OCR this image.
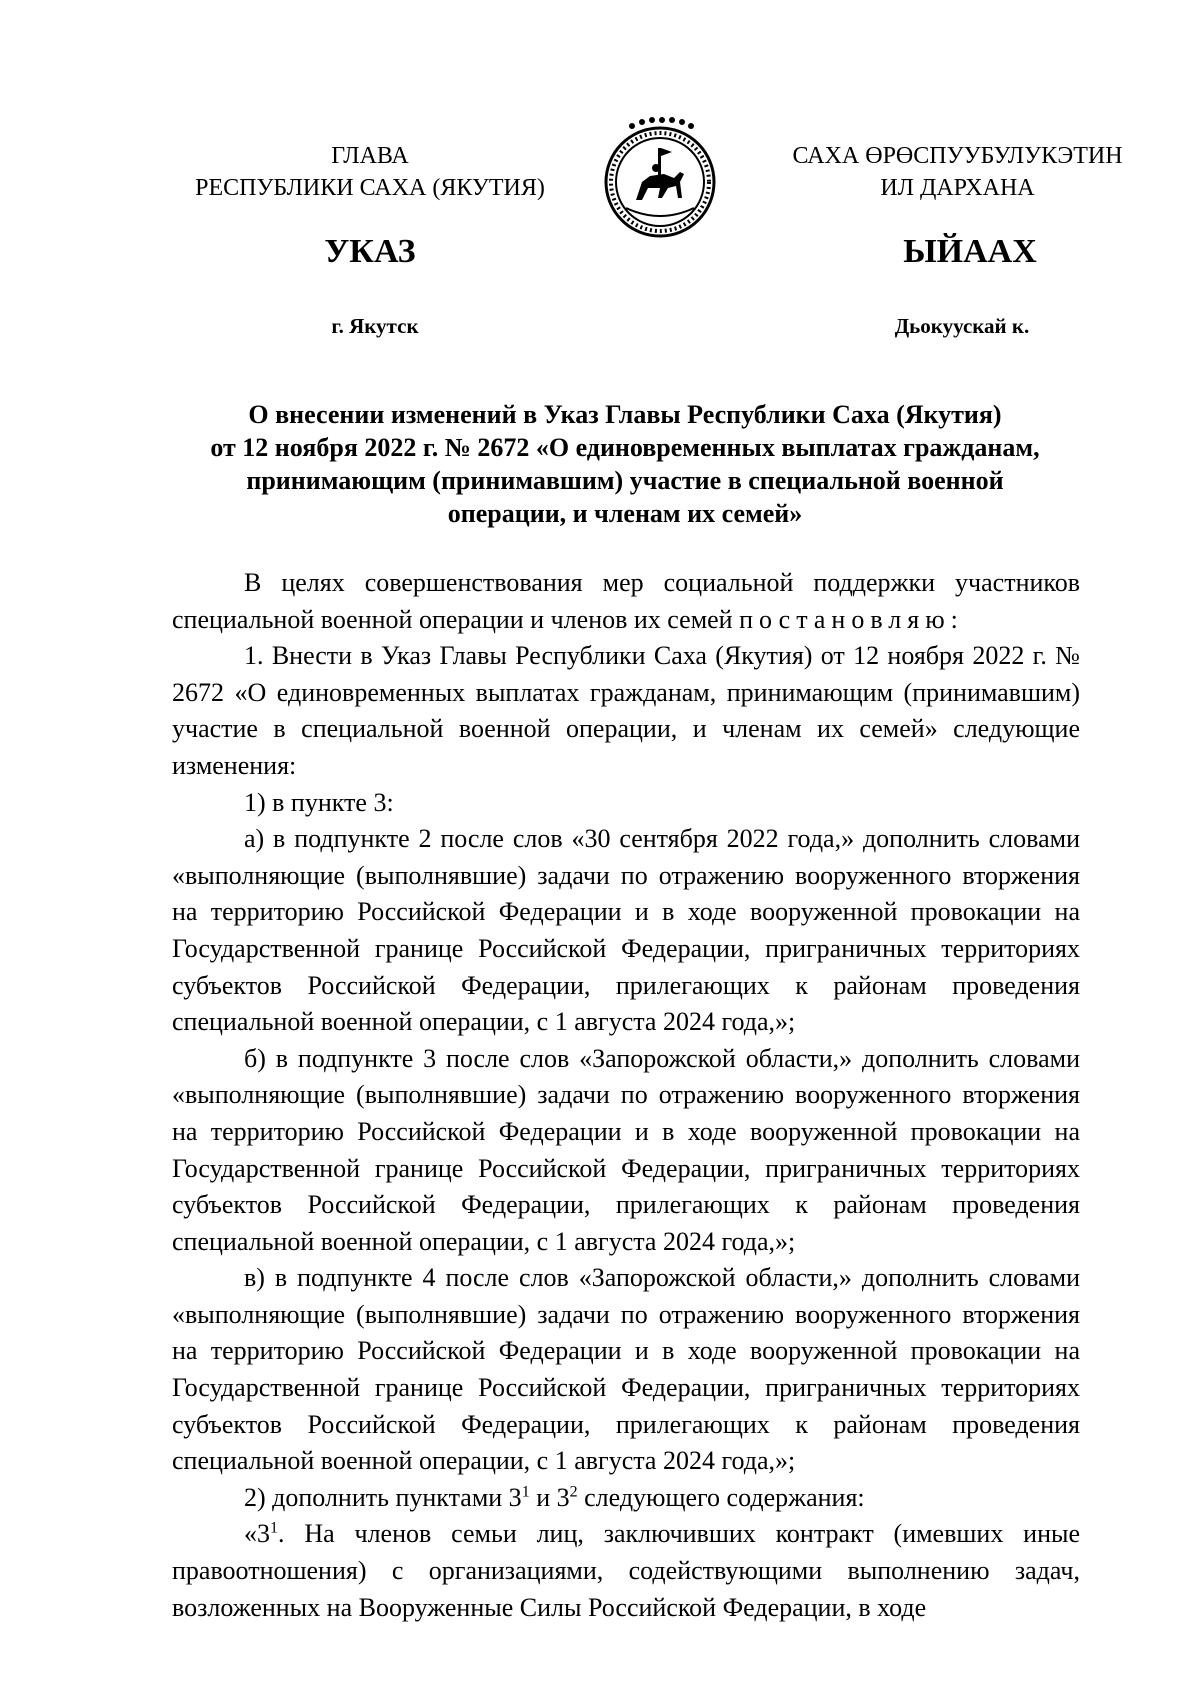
ГЛАВА
РЕСПУБЛИКИ САХА (ЯКУТИЯ)
САХА ӨРӨСПУУБУЛУКЭТИН
ИЛ ДАРХАНА
УКАЗ	ЫЙААХ
г. Якутск	Дьокуускай к.
О внесении изменений в Указ Главы Республики Саха (Якутия)
от 12 ноября 2022 г. № 2672 «О единовременных выплатах гражданам,
принимающим (принимавшим) участие в специальной военной
операции, и членам их семей»

В целях совершенствования мер социальной поддержки участников специальной военной операции и членов их семей постановляю:

1. Внести в Указ Главы Республики Саха (Якутия) от 12 ноября 2022 г. № 2672 «О единовременных выплатах гражданам, принимающим (принимавшим) участие в специальной военной операции, и членам их семей» следующие изменения:

1) в пункте 3:

а) в подпункте 2 после слов «30 сентября 2022 года,» дополнить словами «выполняющие (выполнявшие) задачи по отражению вооруженного вторжения на территорию Российской Федерации и в ходе вооруженной провокации на Государственной границе Российской Федерации, приграничных территориях субъектов Российской Федерации, прилегающих к районам проведения специальной военной операции, с 1 августа 2024 года,»;

б) в подпункте 3 после слов «Запорожской области,» дополнить словами «выполняющие (выполнявшие) задачи по отражению вооруженного вторжения на территорию Российской Федерации и в ходе вооруженной провокации на Государственной границе Российской Федерации, приграничных территориях субъектов Российской Федерации, прилегающих к районам проведения специальной военной операции, с 1 августа 2024 года,»;

в) в подпункте 4 после слов «Запорожской области,» дополнить словами «выполняющие (выполнявшие) задачи по отражению вооруженного вторжения на территорию Российской Федерации и в ходе вооруженной провокации на Государственной границе Российской Федерации, приграничных территориях субъектов Российской Федерации, прилегающих к районам проведения специальной военной операции, с 1 августа 2024 года,»;

2) дополнить пунктами $3^1$ и $3^2$ следующего содержания:

«$3^1$. На членов семьи лиц, заключивших контракт (имевших иные правоотношения) с организациями, содействующими выполнению задач, возложенных на Вооруженные Силы Российской Федерации, в ходе
